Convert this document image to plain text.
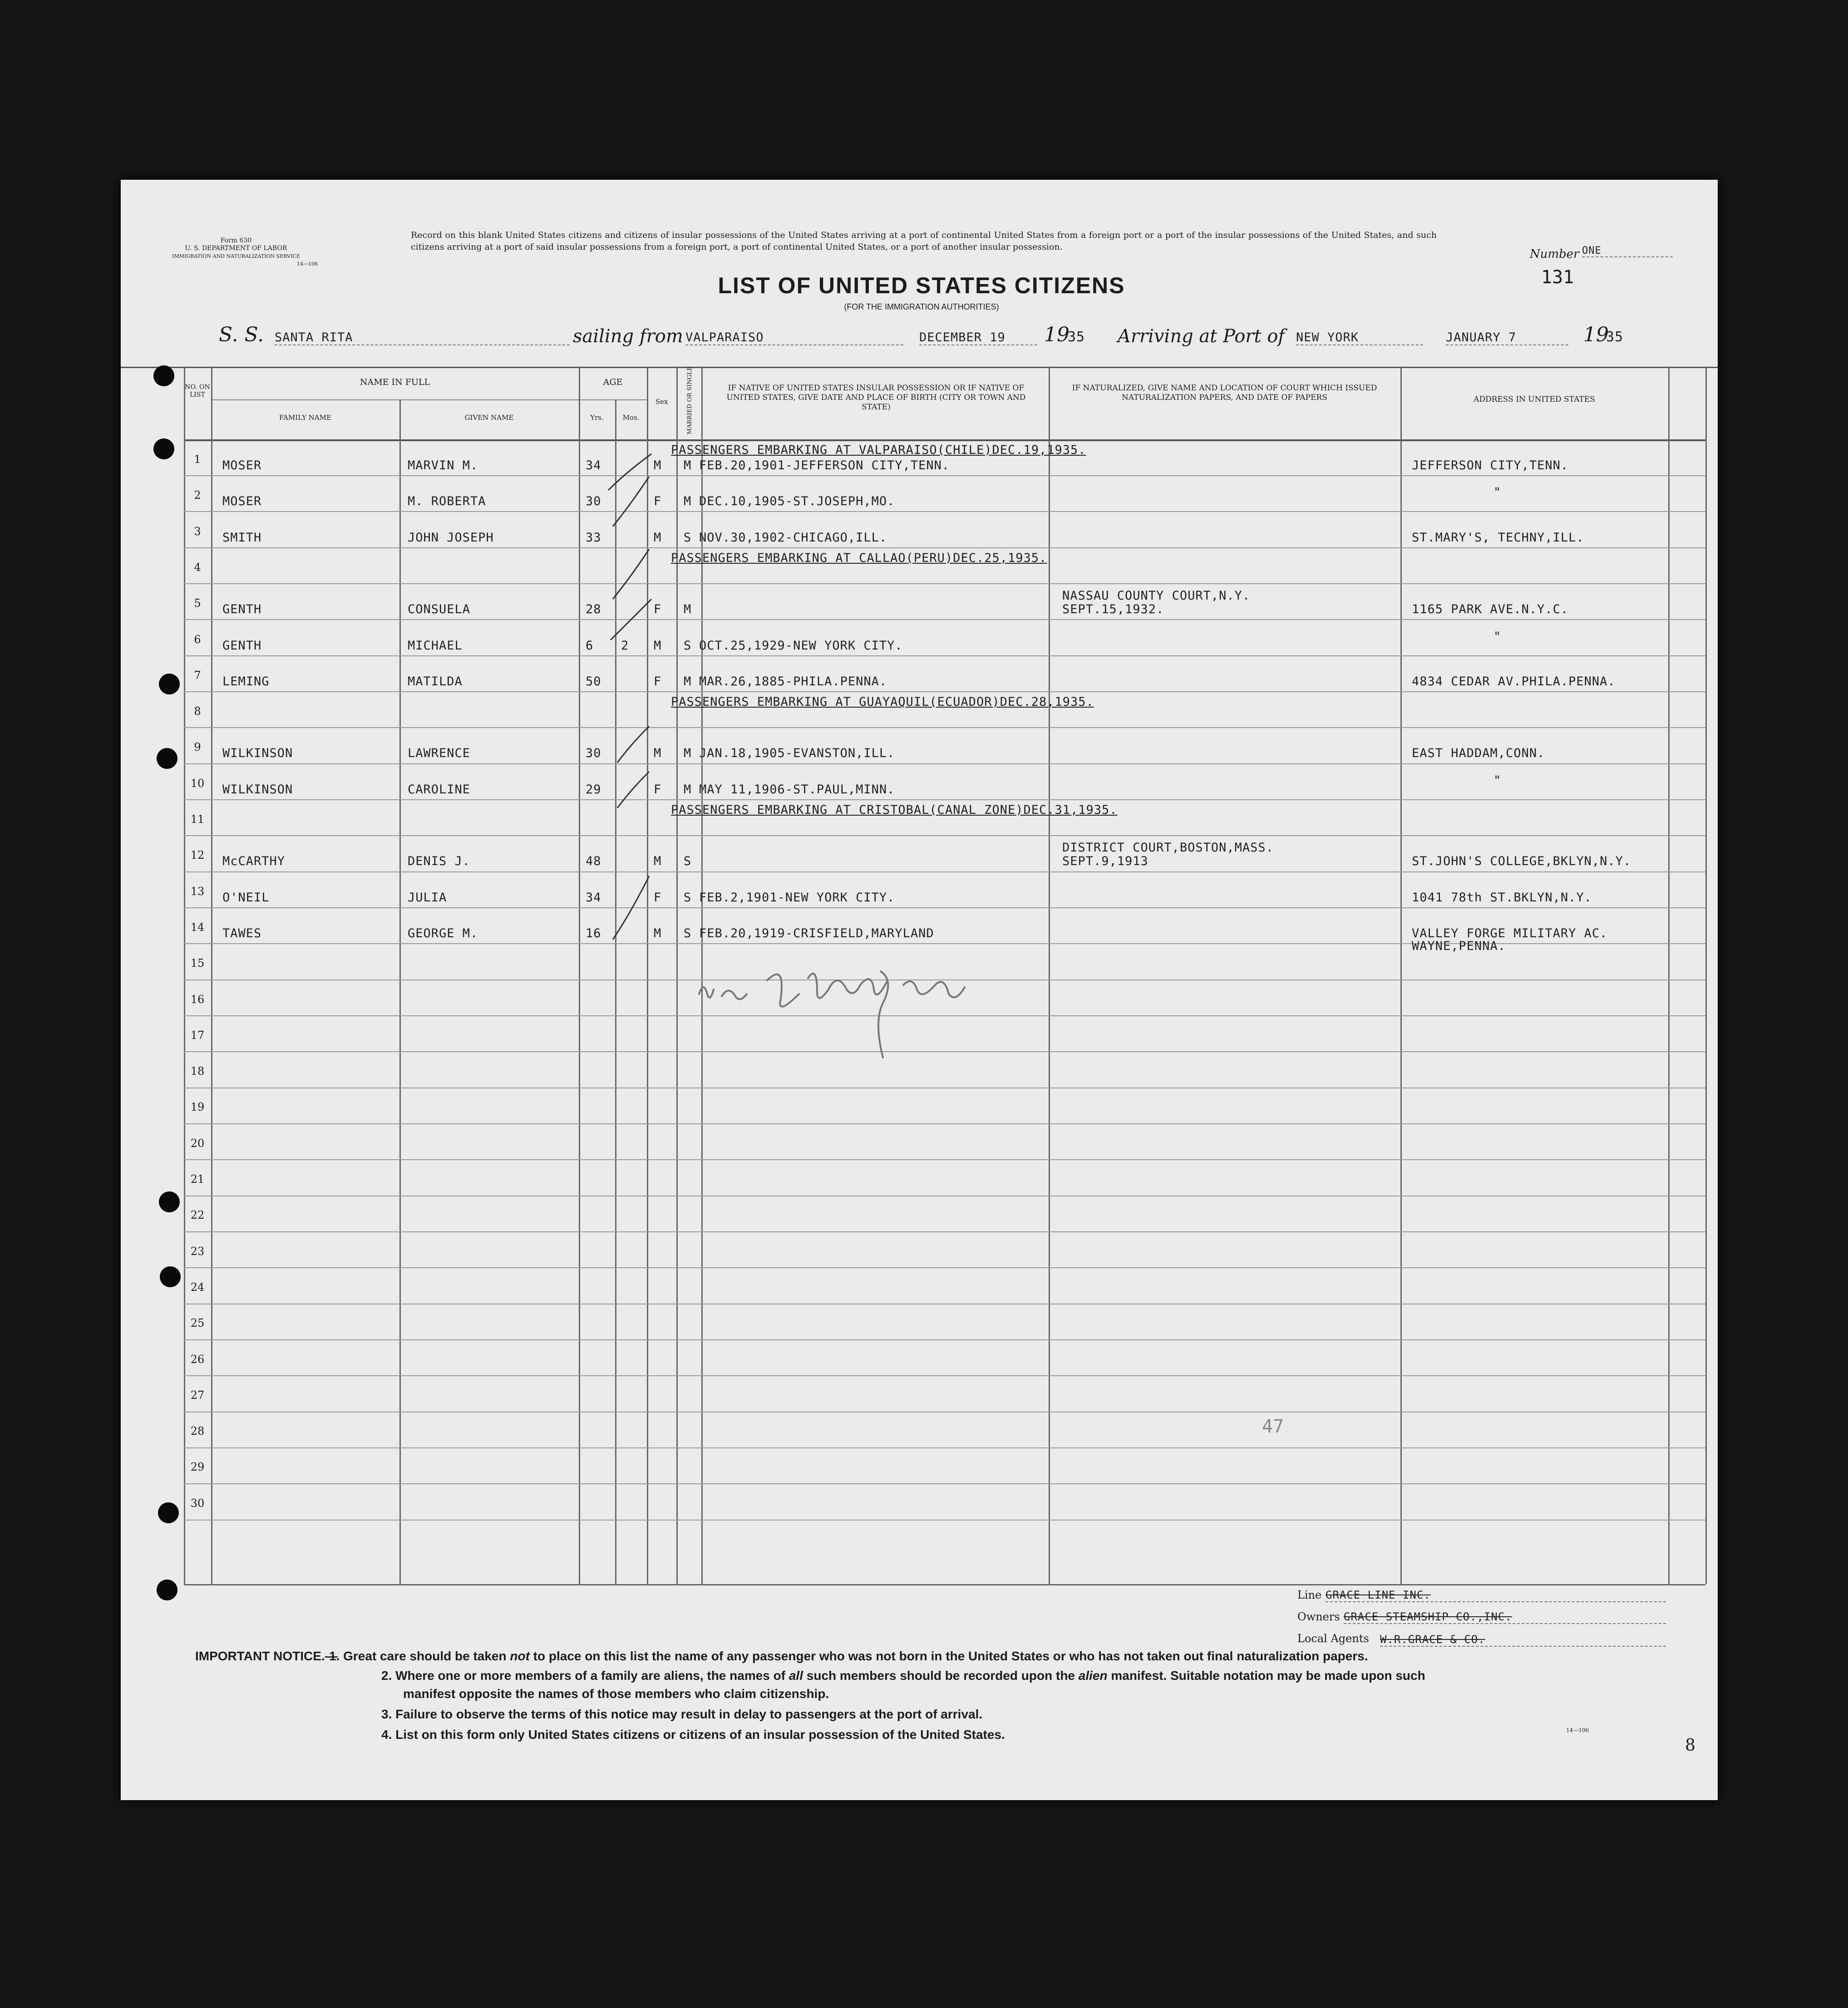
Form 630
U. S. DEPARTMENT OF LABOR
IMMIGRATION AND NATURALIZATION SERVICE
14—106
Record on this blank United States citizens and citizens of insular possessions of the United States arriving at a port of continental United States from a foreign port or a port of the insular possessions of the United States, and such citizens arriving at a port of said insular possessions from a foreign port, a port of continental United States, or a port of another insular possession.
LIST OF UNITED STATES CITIZENS
(FOR THE IMMIGRATION AUTHORITIES)
Number ONE
131
S. S. SANTA RITA	sailing from VALPARAISO	DECEMBER 19	19
35 Arriving at Port of NEW YORK	JANUARY 7	19
35
NO. ON LIST
NAME IN FULL
FAMILY NAME	GIVEN NAME
AGE
Yrs.	Mos.
Sex	MARRIED OR SINGLE	IF NATIVE OF UNITED STATES INSULAR POSSESSION OR IF NATIVE OF UNITED STATES, GIVE DATE AND PLACE OF BIRTH (CITY OR TOWN AND STATE)
IF NATURALIZED, GIVE NAME AND LOCATION OF COURT WHICH ISSUED NATURALIZATION PAPERS, AND DATE OF PAPERS	ADDRESS IN UNITED STATES
1
PASSENGERS EMBARKING AT VALPARAISO(CHILE)DEC.19,1935.
MOSER	MARVIN M.	34	M M FEB.20,1901-JEFFERSON CITY,TENN.	JEFFERSON CITY,TENN.
2	MOSER	M. ROBERTA	30	F M DEC.10,1905-ST.JOSEPH,MO.
"
3	SMITH	JOHN JOSEPH	33	M S NOV.30,1902-CHICAGO,ILL.	ST.MARY'S, TECHNY,ILL.
4
PASSENGERS EMBARKING AT CALLAO(PERU)DEC.25,1935.
5	GENTH	CONSUELA	28	F M	1165 PARK AVE.N.Y.C.
NASSAU COUNTY COURT,N.Y.
SEPT.15,1932.
6	GENTH	MICHAEL	6 2 M S OCT.25,1929-NEW YORK CITY.
"
7	LEMING	MATILDA	50	F M MAR.26,1885-PHILA.PENNA.	4834 CEDAR AV.PHILA.PENNA.
8
PASSENGERS EMBARKING AT GUAYAQUIL(ECUADOR)DEC.28,1935.
9	WILKINSON	LAWRENCE	30	M M JAN.18,1905-EVANSTON,ILL.	EAST HADDAM,CONN.
10	WILKINSON	CAROLINE	29	F M MAY 11,1906-ST.PAUL,MINN.
"
11
PASSENGERS EMBARKING AT CRISTOBAL(CANAL ZONE)DEC.31,1935.
12	McCARTHY	DENIS J.	48	M S	ST.JOHN'S COLLEGE,BKLYN,N.Y.
DISTRICT COURT,BOSTON,MASS.
SEPT.9,1913
13	O'NEIL	JULIA	34	F S FEB.2,1901-NEW YORK CITY.	1041 78th ST.BKLYN,N.Y.
14	TAWES	GEORGE M.	16	M S FEB.20,1919-CRISFIELD,MARYLAND	VALLEY FORGE MILITARY AC.
WAYNE,PENNA.
15
16
17
18
19
20
21
22
23
24
25
26
27
28
29
30
47
Line GRACE LINE INC.
Owners GRACE STEAMSHIP CO.,INC.
Local Agents W.R.GRACE & CO.
IMPORTANT NOTICE.—
1. Great care should be taken not to place on this list the name of any passenger who was not born in the United States or who has not taken out final naturalization papers.
2. Where one or more members of a family are aliens, the names of all such members should be recorded upon the alien manifest. Suitable notation may be made upon such
manifest opposite the names of those members who claim citizenship.
3. Failure to observe the terms of this notice may result in delay to passengers at the port of arrival.
4. List on this form only United States citizens or citizens of an insular possession of the United States.	14—106
8
